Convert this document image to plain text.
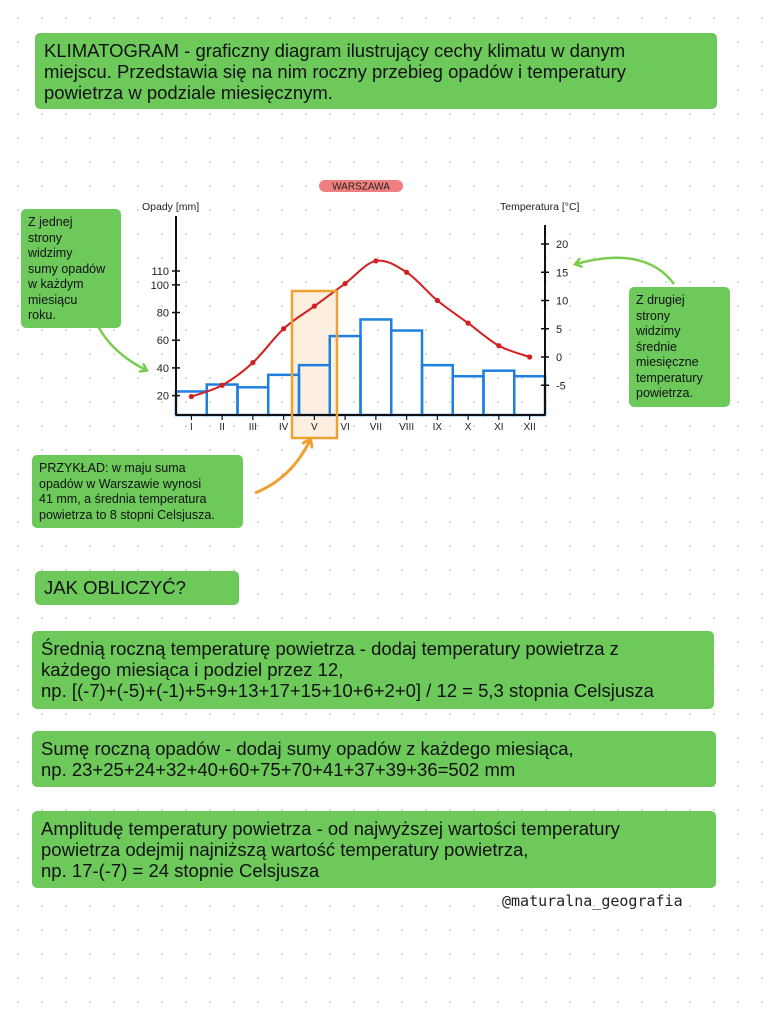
KLIMATOGRAM - graficzny diagram ilustrujący cechy klimatu w danym
miejscu. Przedstawia się na nim roczny przebieg opadów i temperatury
powietrza w podziale miesięcznym.
WARSZAWA
Opady [mm]	Temperatura [°C]
20
40
60
80
100
110
-5
0
5
10
15
20
I	II III IV V VI VII VIII IX X XI XII
Z jednej
strony
widzimy
sumy opadów
w każdym
miesiącu
roku.
Z drugiej
strony
widzimy
średnie
miesięczne
temperatury
powietrza.
PRZYKŁAD: w maju suma
opadów w Warszawie wynosi
41 mm, a średnia temperatura
powietrza to 8 stopni Celsjusza.
JAK OBLICZYĆ?
Średnią roczną temperaturę powietrza - dodaj temperatury powietrza z
każdego miesiąca i podziel przez 12,
np. [(-7)+(-5)+(-1)+5+9+13+17+15+10+6+2+0] / 12 = 5,3 stopnia Celsjusza
Sumę roczną opadów - dodaj sumy opadów z każdego miesiąca,
np. 23+25+24+32+40+60+75+70+41+37+39+36=502 mm
Amplitudę temperatury powietrza - od najwyższej wartości temperatury
powietrza odejmij najniższą wartość temperatury powietrza,
np. 17-(-7) = 24 stopnie Celsjusza
@maturalna_geografia
